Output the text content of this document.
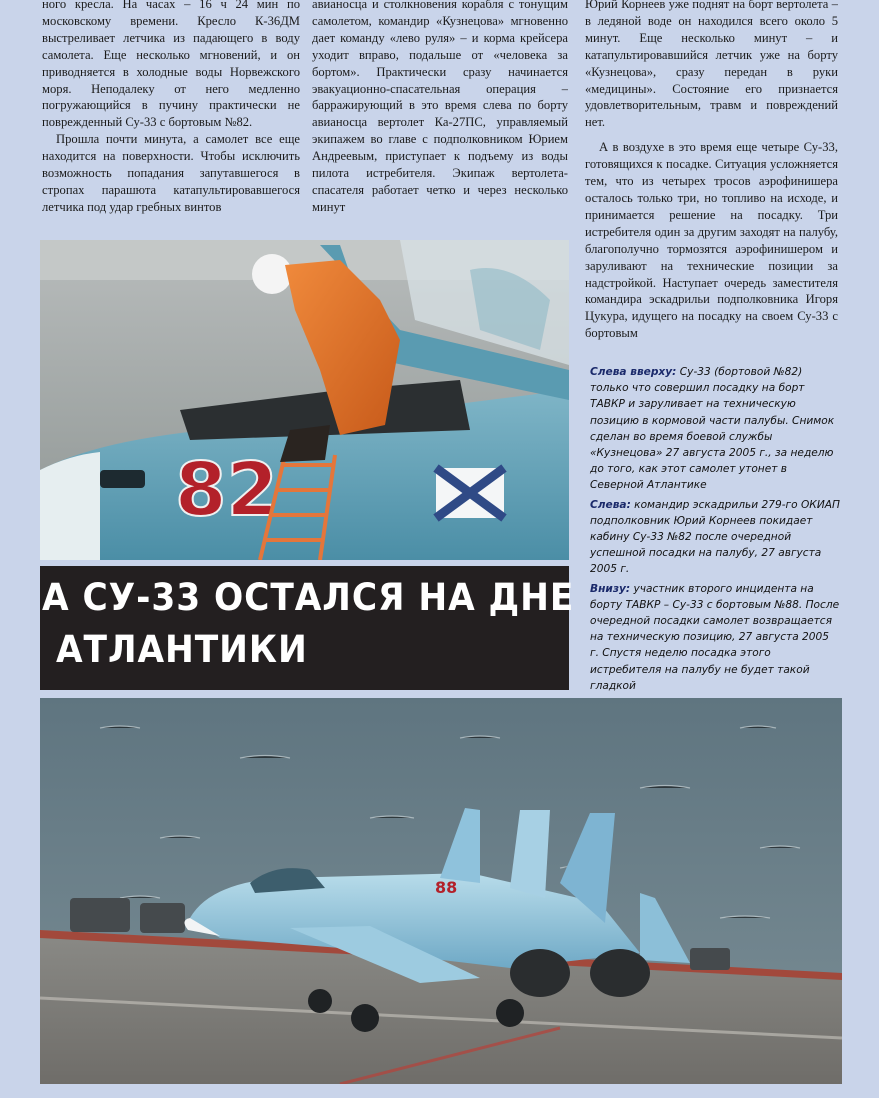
ного кресла. На часах – 16 ч 24 мин по московскому времени. Кресло К-36ДМ выстреливает летчика из падающего в воду самолета. Еще несколько мгновений, и он приводняется в холодные воды Норвежского моря. Неподалеку от него медленно погружающийся в пучину практически не поврежденный Су-33 с бортовым №82.

Прошла почти минута, а самолет все еще находится на поверхности. Чтобы исключить возможность попадания запутавшегося в стропах парашюта катапультировавшегося летчика под удар гребных винтов

авианосца и столкновения корабля с тонущим самолетом, командир «Кузнецова» мгновенно дает команду «лево руля» – и корма крейсера уходит вправо, подальше от «человека за бортом». Практически сразу начинается эвакуационно-спасательная операция – барражирующий в это время слева по борту авианосца вертолет Ка-27ПС, управляемый экипажем во главе с подполковником Юрием Андреевым, приступает к подъему из воды пилота истребителя. Экипаж вертолета-спасателя работает четко и через несколько минут

Юрий Корнеев уже поднят на борт вертолета – в ледяной воде он находился всего около 5 минут. Еще несколько минут – и катапультировавшийся летчик уже на борту «Кузнецова», сразу передан в руки «медицины». Состояние его признается удовлетворительным, травм и повреждений нет.

А в воздухе в это время еще четыре Су-33, готовящихся к посадке. Ситуация усложняется тем, что из четырех тросов аэрофинишера осталось только три, но топливо на исходе, и принимается решение на посадку. Три истребителя один за другим заходят на палубу, благополучно тормозятся аэрофинишером и заруливают на технические позиции за надстройкой. Наступает очередь заместителя командира эскадрильи подполковника Игоря Цукура, идущего на посадку на своем Су-33 с бортовым

82
А СУ-33 ОСТАЛСЯ НА ДНЕ
АТЛАНТИКИ

Слева вверху: Су-33 (бортовой №82) только что совершил посадку на борт ТАВКР и заруливает на техническую позицию в кормовой части палубы. Снимок сделан во время боевой службы «Кузнецова» 27 августа 2005 г., за неделю до того, как этот самолет утонет в Северной Атлантике

Слева: командир эскадрильи 279-го ОКИАП подполковник Юрий Корнеев покидает кабину Су-33 №82 после очередной успешной посадки на палубу, 27 августа 2005 г.

Внизу: участник второго инцидента на борту ТАВКР – Су-33 с бортовым №88. После очередной посадки самолет возвращается на техническую позицию, 27 августа 2005 г. Спустя неделю посадка этого истребителя на палубу не будет такой гладкой

88
